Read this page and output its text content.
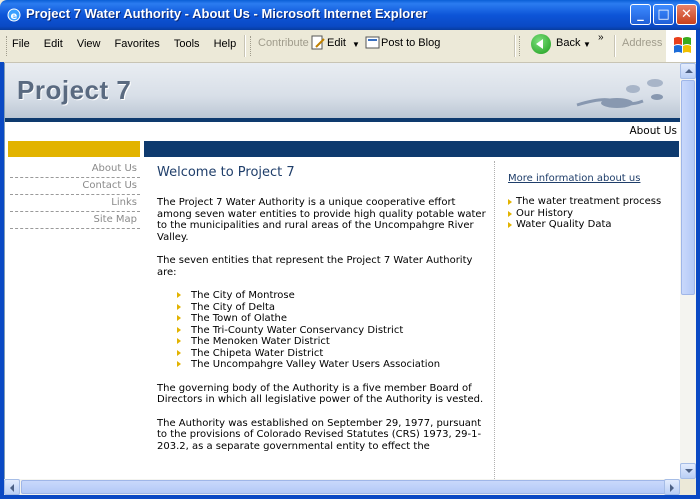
e Project 7 Water Authority - About Us - Microsoft Internet Explorer	_	□ ✕
File Edit View Favorites Tools Help	Contribute Edit ▼ Post to Blog	Back ▼
» Address
Project 7
About Us
About Us
Contact Us
Links
Site Map
Welcome to Project 7

The Project 7 Water Authority is a unique cooperative effort among seven water entities to provide high quality potable water to the municipalities and rural areas of the Uncompahgre River Valley.

The seven entities that represent the Project 7 Water Authority are:

The City of Montrose
The City of Delta
The Town of Olathe
The Tri-County Water Conservancy District
The Menoken Water District
The Chipeta Water District
The Uncompahgre Valley Water Users Association

The governing body of the Authority is a five member Board of Directors in which all legislative power of the Authority is vested.

The Authority was established on September 29, 1977, pursuant to the provisions of Colorado Revised Statutes (CRS) 1973, 29-1-203.2, as a separate governmental entity to effect the

More information about us
The water treatment process
Our History
Water Quality Data
